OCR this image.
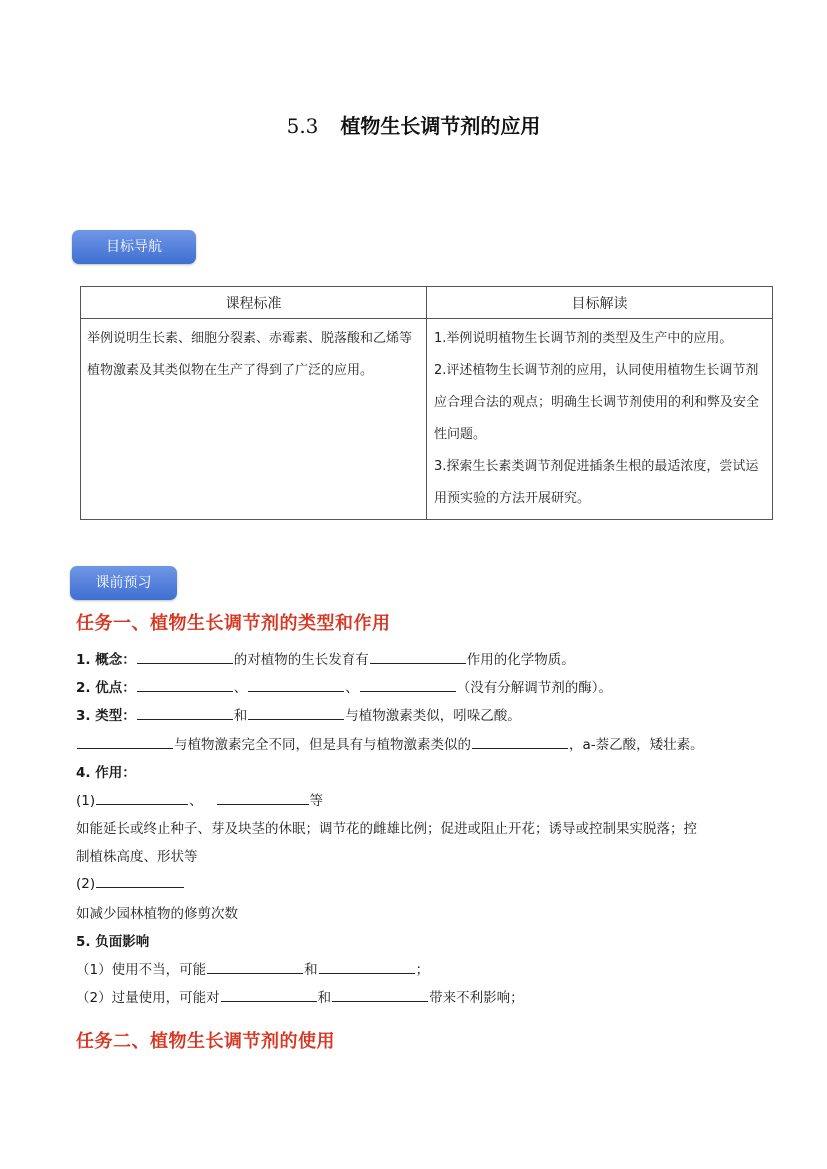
5.3 植物生长调节剂的应用
目标导航
课程标准	目标解读
举例说明生长素、细胞分裂素、赤霉素、脱落酸和乙烯等植物激素及其类似物在生产了得到了广泛的应用。	1.举例说明植物生长调节剂的类型及生产中的应用。
2.评述植物生长调节剂的应用，认同使用植物生长调节剂应合理合法的观点；明确生长调节剂使用的利和弊及安全性问题。
3.探索生长素类调节剂促进插条生根的最适浓度，尝试运用预实验的方法开展研究。
课前预习
任务一、植物生长调节剂的类型和作用
1. 概念：	的对植物的生长发育有	作用的化学物质。
2. 优点：	、	、	（没有分解调节剂的酶）。
3. 类型：	和	与植物激素类似，吲哚乙酸。
与植物激素完全不同，但是具有与植物激素类似的	，a-萘乙酸，矮壮素。
4. 作用：
(1)	、	等
如能延长或终止种子、芽及块茎的休眠；调节花的雌雄比例；促进或阻止开花；诱导或控制果实脱落；控
制植株高度、形状等
(2)
如减少园林植物的修剪次数
5. 负面影响
（1）使用不当，可能	和	；
（2）过量使用，可能对	和	带来不利影响；
任务二、植物生长调节剂的使用
